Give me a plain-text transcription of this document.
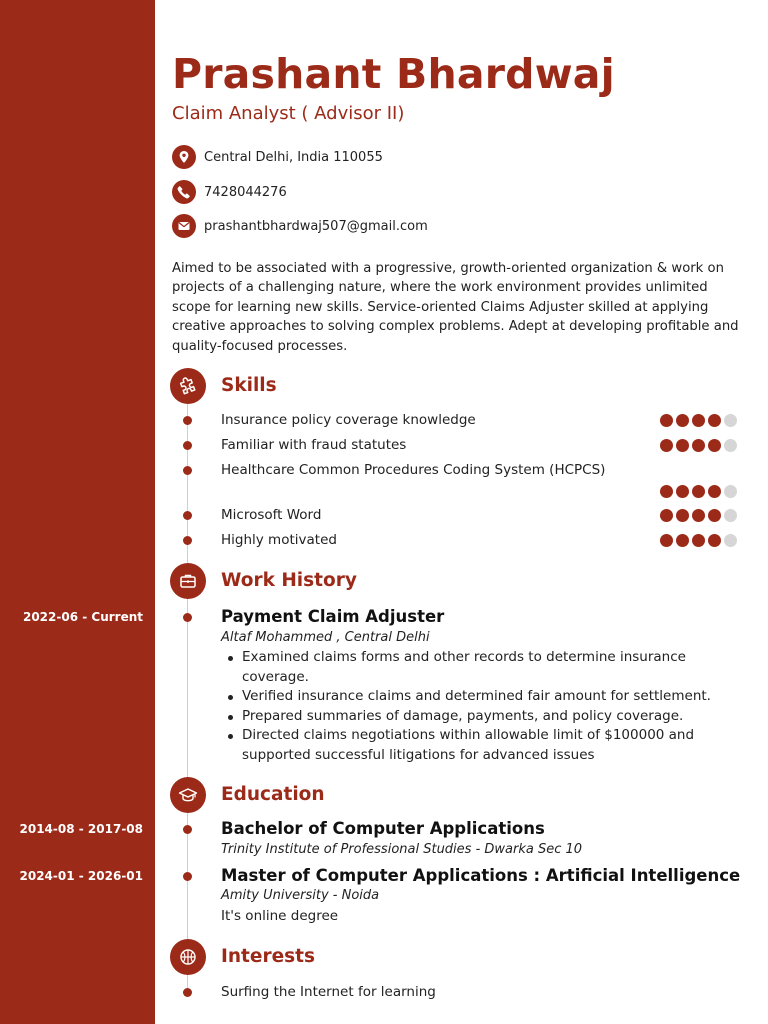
2022-06 - Current
2014-08 - 2017-08
2024-01 - 2026-01
Prashant Bhardwaj
Claim Analyst ( Advisor II)
Central Delhi, India 110055
7428044276
prashantbhardwaj507@gmail.com

Aimed to be associated with a progressive, growth-oriented organization & work on projects of a challenging nature, where the work environment provides unlimited scope for learning new skills. Service-oriented Claims Adjuster skilled at applying creative approaches to solving complex problems. Adept at developing profitable and quality-focused processes.

Skills
Insurance policy coverage knowledge
Familiar with fraud statutes
Healthcare Common Procedures Coding System (HCPCS)
Microsoft Word
Highly motivated
Work History
Payment Claim Adjuster
Altaf Mohammed , Central Delhi
Examined claims forms and other records to determine insurance coverage.
Verified insurance claims and determined fair amount for settlement.
Prepared summaries of damage, payments, and policy coverage.
Directed claims negotiations within allowable limit of $100000 and supported successful litigations for advanced issues
Education
Bachelor of Computer Applications
Trinity Institute of Professional Studies - Dwarka Sec 10
Master of Computer Applications : Artificial Intelligence
Amity University - Noida
It's online degree
Interests
Surfing the Internet for learning
